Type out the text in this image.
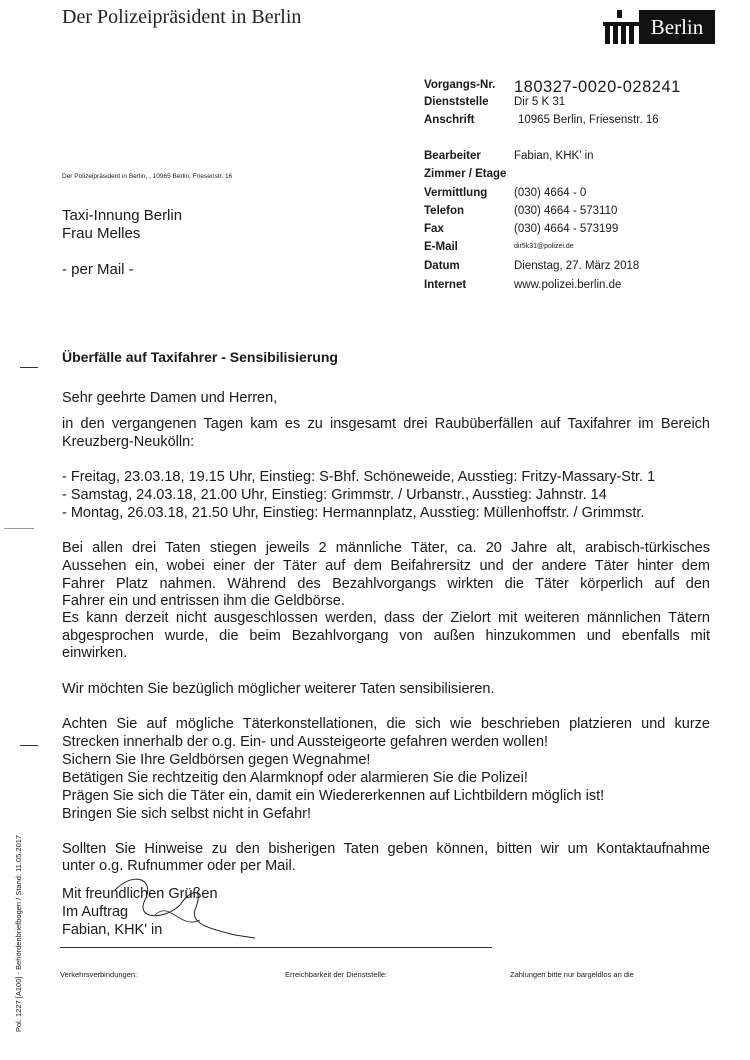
Der Polizeipräsident in Berlin	Berlin
Vorgangs-Nr. 180327-0020-028241
Dienststelle Dir 5 K 31
Anschrift	10965 Berlin, Friesenstr. 16
Bearbeiter	Fabian, KHK' in
Zimmer / Etage
Vermittlung (030) 4664 - 0
Telefon	(030) 4664 - 573110
Fax	(030) 4664 - 573199
E-Mail	dir5k31@polizei.de
Datum	Dienstag, 27. März 2018
Internet	www.polizei.berlin.de
Der Polizeipräsident in Berlin, , 10965 Berlin, Friesenstr. 16
Taxi-Innung Berlin
Frau Melles
- per Mail -
Überfälle auf Taxifahrer - Sensibilisierung
Sehr geehrte Damen und Herren,
in den vergangenen Tagen kam es zu insgesamt drei Raubüberfällen auf Taxifahrer im Bereich
Kreuzberg-Neukölln:
- Freitag, 23.03.18, 19.15 Uhr, Einstieg: S-Bhf. Schöneweide, Ausstieg: Fritzy-Massary-Str. 1
- Samstag, 24.03.18, 21.00 Uhr, Einstieg: Grimmstr. / Urbanstr., Ausstieg: Jahnstr. 14
- Montag, 26.03.18, 21.50 Uhr, Einstieg: Hermannplatz, Ausstieg: Müllenhoffstr. / Grimmstr.
Bei allen drei Taten stiegen jeweils 2 männliche Täter, ca. 20 Jahre alt, arabisch-türkisches
Aussehen ein, wobei einer der Täter auf dem Beifahrersitz und der andere Täter hinter dem
Fahrer Platz nahmen. Während des Bezahlvorgangs wirkten die Täter körperlich auf den
Fahrer ein und entrissen ihm die Geldbörse.
Es kann derzeit nicht ausgeschlossen werden, dass der Zielort mit weiteren männlichen Tätern
abgesprochen wurde, die beim Bezahlvorgang von außen hinzukommen und ebenfalls mit
einwirken.
Wir möchten Sie bezüglich möglicher weiterer Taten sensibilisieren.
Achten Sie auf mögliche Täterkonstellationen, die sich wie beschrieben platzieren und kurze
Strecken innerhalb der o.g. Ein- und Aussteigeorte gefahren werden wollen!
Sichern Sie Ihre Geldbörsen gegen Wegnahme!
Betätigen Sie rechtzeitig den Alarmknopf oder alarmieren Sie die Polizei!
Prägen Sie sich die Täter ein, damit ein Wiedererkennen auf Lichtbildern möglich ist!
Bringen Sie sich selbst nicht in Gefahr!
Sollten Sie Hinweise zu den bisherigen Taten geben können, bitten wir um Kontaktaufnahme
unter o.g. Rufnummer oder per Mail.
Mit freundlichen Grüßen
Im Auftrag
Fabian, KHK' in
Verkehrsverbindungen:	Erreichbarkeit der Dienststelle:	Zahlungen bitte nur bargeldlos an die
Pol. 1227 [A100] - Behördenbriefbogen / Stand: 11.05.2017
